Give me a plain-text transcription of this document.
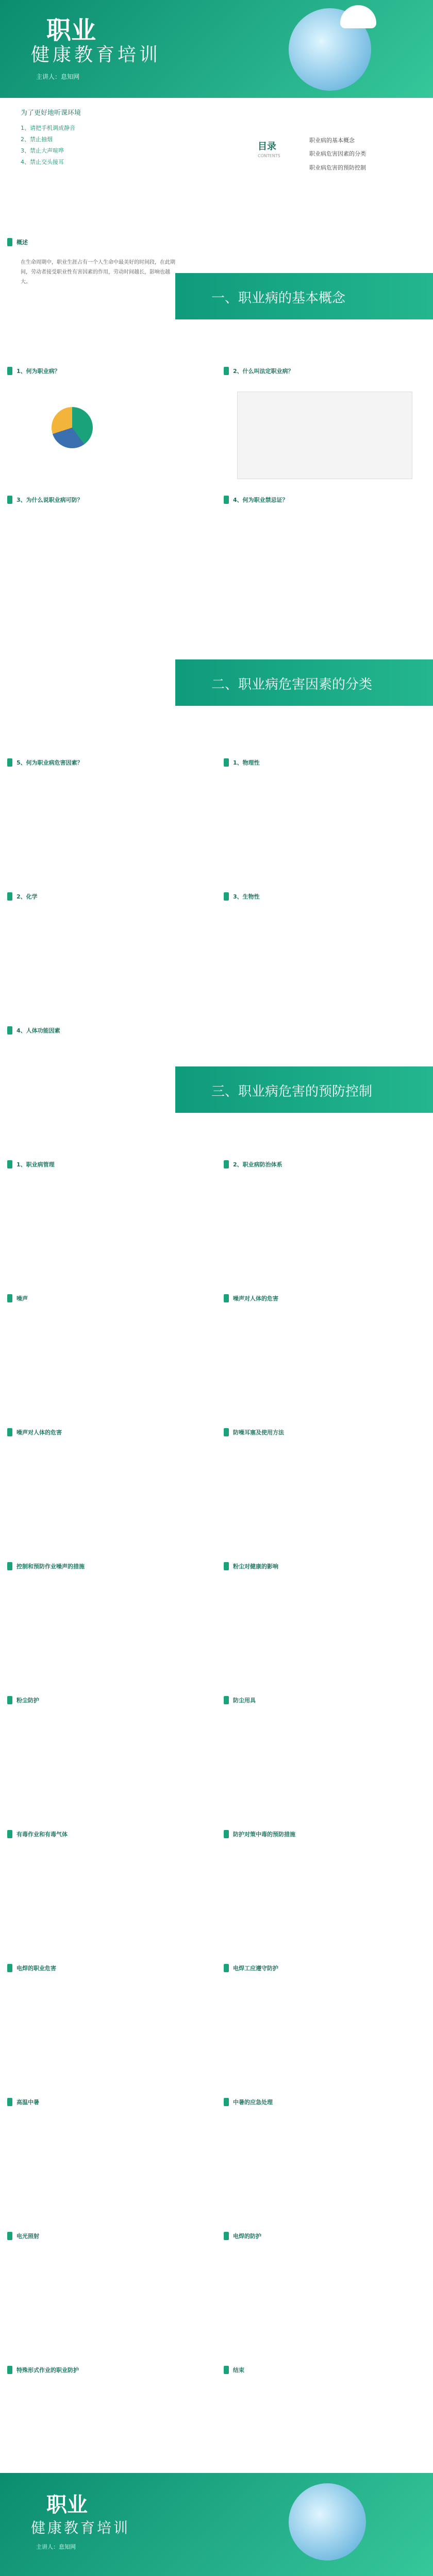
职业
健康教育培训
主讲人：息知网
为了更好地听课环境
1、请把手机调成静音
2、禁止抽烟
3、禁止大声喧哗
4、禁止交头接耳
目录
CONTENTS
职业病的基本概念
职业病危害因素的分类
职业病危害的预防控制
概述
在生命周期中，职业生涯占有一个人生命中最美好的时间段，在此期间，劳动者接受职业性有害因素的作用，劳动时间越长，影响也越大。
一、职业病的基本概念
1、何为职业病？	2、什么叫法定职业病？
3、为什么说职业病可防？	4、何为职业禁忌证？
二、职业病危害因素的分类
5、何为职业病危害因素？	1、物理性
2、化学	3、生物性
4、人体功能因素
三、职业病危害的预防控制
1、职业病管理	2、职业病防治体系
噪声	噪声对人体的危害
噪声对人体的危害	防噪耳塞及使用方法
控制和预防作业噪声的措施	粉尘对健康的影响
粉尘防护	防尘用具
有毒作业和有毒气体	防护对策中毒的预防措施
电焊的职业危害	电焊工应遵守防护
高温中暑	中暑的应急处理
电光照射	电焊的防护
特殊形式作业的职业防护	结束
职业
健康教育培训
主讲人：息知网
